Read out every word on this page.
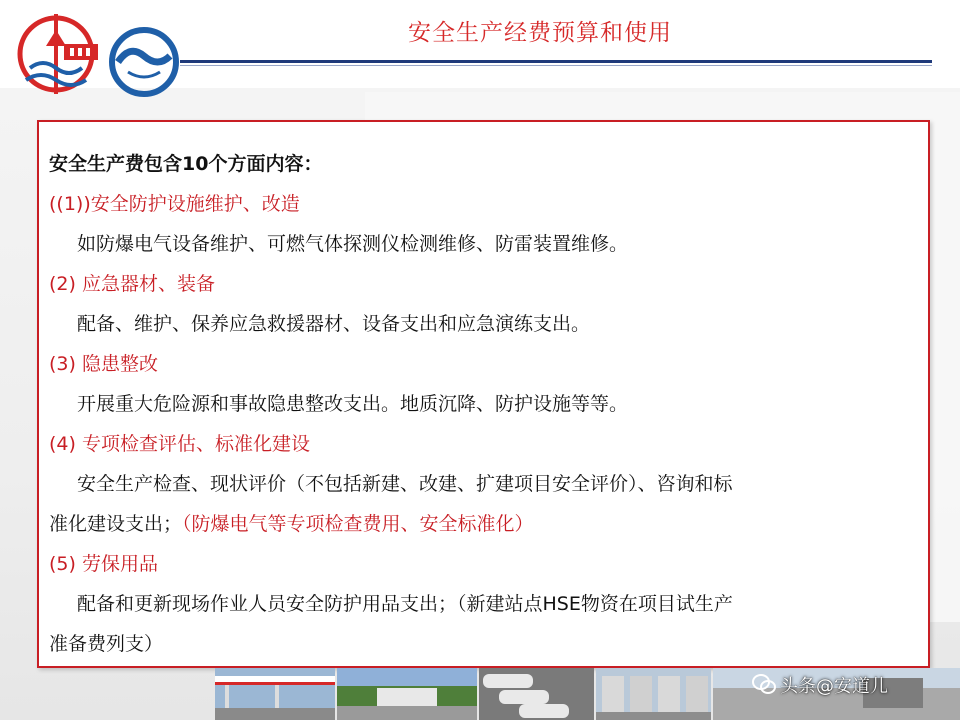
安全生产经费预算和使用
安全生产费包含10个方面内容：
((1))安全防护设施维护、改造
如防爆电气设备维护、可燃气体探测仪检测维修、防雷装置维修。
(2) 应急器材、装备
配备、维护、保养应急救援器材、设备支出和应急演练支出。
(3) 隐患整改
开展重大危险源和事故隐患整改支出。地质沉降、防护设施等等。
(4) 专项检查评估、标准化建设
安全生产检查、现状评价（不包括新建、改建、扩建项目安全评价）、咨询和标
准化建设支出；（防爆电气等专项检查费用、安全标准化）
(5) 劳保用品
配备和更新现场作业人员安全防护用品支出；（新建站点HSE物资在项目试生产
准备费列支）
头条@安道儿
